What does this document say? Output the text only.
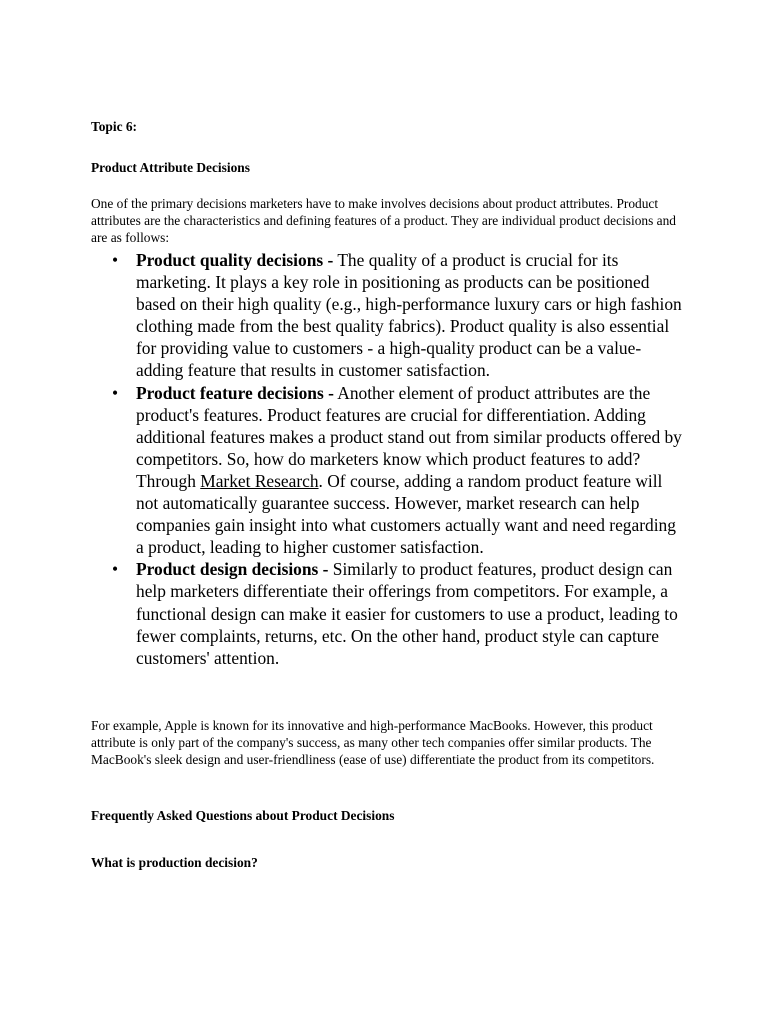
Topic 6:

Product Attribute Decisions

One of the primary decisions marketers have to make involves decisions about product attributes. Product attributes are the characteristics and defining features of a product. They are individual product decisions and are as follows:

• Product quality decisions - The quality of a product is crucial for its marketing. It plays a key role in positioning as products can be positioned based on their high quality (e.g., high-performance luxury cars or high fashion clothing made from the best quality fabrics). Product quality is also essential for providing value to customers - a high-quality product can be a value-adding feature that results in customer satisfaction.
• Product feature decisions - Another element of product attributes are the product's features. Product features are crucial for differentiation. Adding additional features makes a product stand out from similar products offered by competitors. So, how do marketers know which product features to add? Through Market Research. Of course, adding a random product feature will not automatically guarantee success. However, market research can help companies gain insight into what customers actually want and need regarding a product, leading to higher customer satisfaction.
• Product design decisions - Similarly to product features, product design can help marketers differentiate their offerings from competitors. For example, a functional design can make it easier for customers to use a product, leading to fewer complaints, returns, etc. On the other hand, product style can capture customers' attention.

For example, Apple is known for its innovative and high-performance MacBooks. However, this product attribute is only part of the company's success, as many other tech companies offer similar products. The MacBook's sleek design and user-friendliness (ease of use) differentiate the product from its competitors.

Frequently Asked Questions about Product Decisions

What is production decision?
